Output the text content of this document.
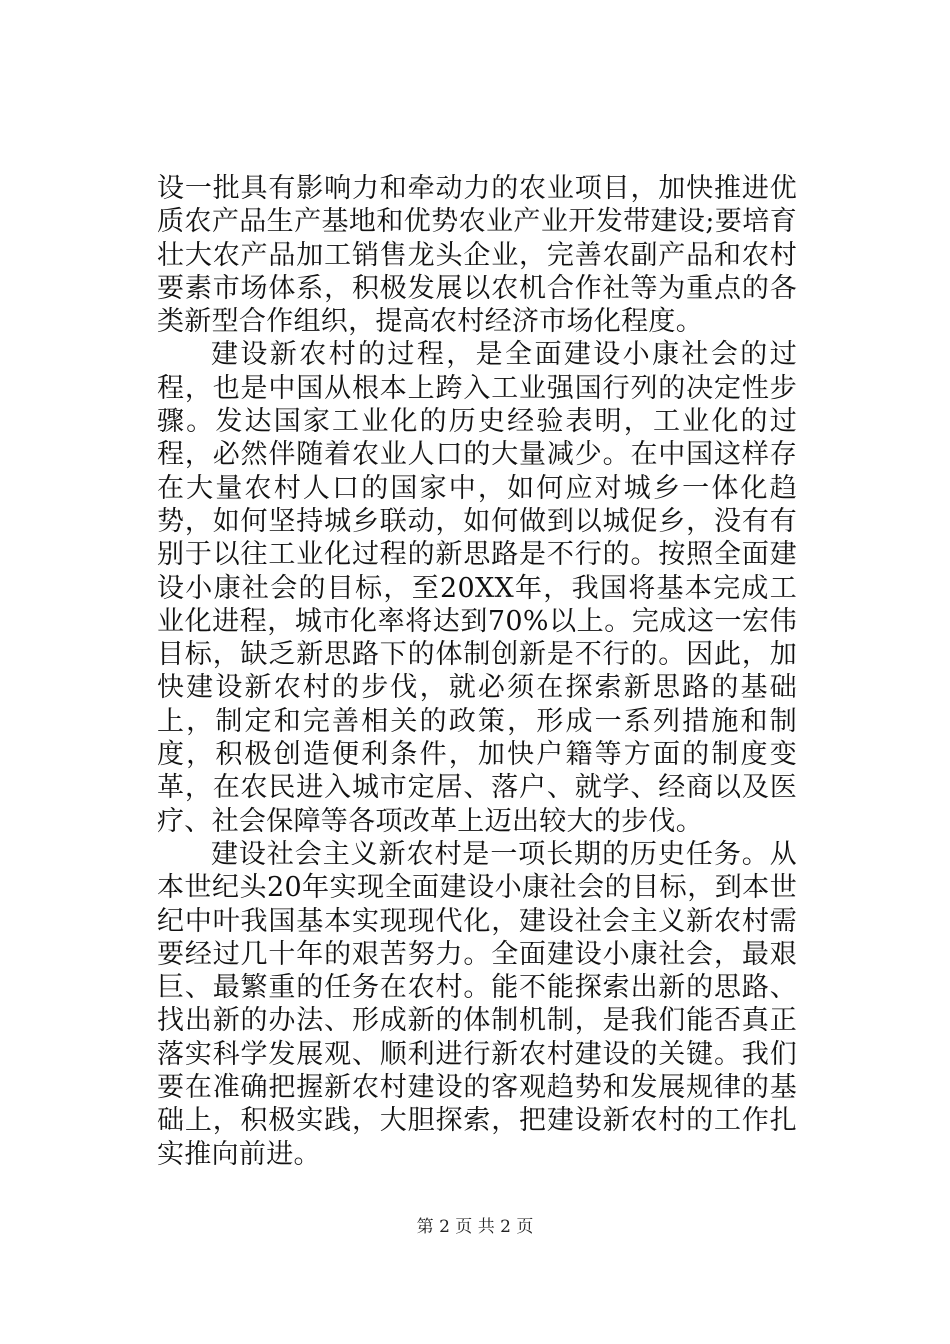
设一批具有影响力和牵动力的农业项目，加快推进优质农产品生产基地和优势农业产业开发带建设;要培育壮大农产品加工销售龙头企业，完善农副产品和农村要素市场体系，积极发展以农机合作社等为重点的各类新型合作组织，提高农村经济市场化程度。

建设新农村的过程，是全面建设小康社会的过程，也是中国从根本上跨入工业强国行列的决定性步骤。发达国家工业化的历史经验表明，工业化的过程，必然伴随着农业人口的大量减少。在中国这样存在大量农村人口的国家中，如何应对城乡一体化趋势，如何坚持城乡联动，如何做到以城促乡，没有有别于以往工业化过程的新思路是不行的。按照全面建设小康社会的目标，至20XX年，我国将基本完成工业化进程，城市化率将达到70%以上。完成这一宏伟目标，缺乏新思路下的体制创新是不行的。因此，加快建设新农村的步伐，就必须在探索新思路的基础上，制定和完善相关的政策，形成一系列措施和制度，积极创造便利条件，加快户籍等方面的制度变革，在农民进入城市定居、落户、就学、经商以及医疗、社会保障等各项改革上迈出较大的步伐。

建设社会主义新农村是一项长期的历史任务。从本世纪头20年实现全面建设小康社会的目标，到本世纪中叶我国基本实现现代化，建设社会主义新农村需要经过几十年的艰苦努力。全面建设小康社会，最艰巨、最繁重的任务在农村。能不能探索出新的思路、找出新的办法、形成新的体制机制，是我们能否真正落实科学发展观、顺利进行新农村建设的关键。我们要在准确把握新农村建设的客观趋势和发展规律的基础上，积极实践，大胆探索，把建设新农村的工作扎实推向前进。

第 2 页 共 2 页
